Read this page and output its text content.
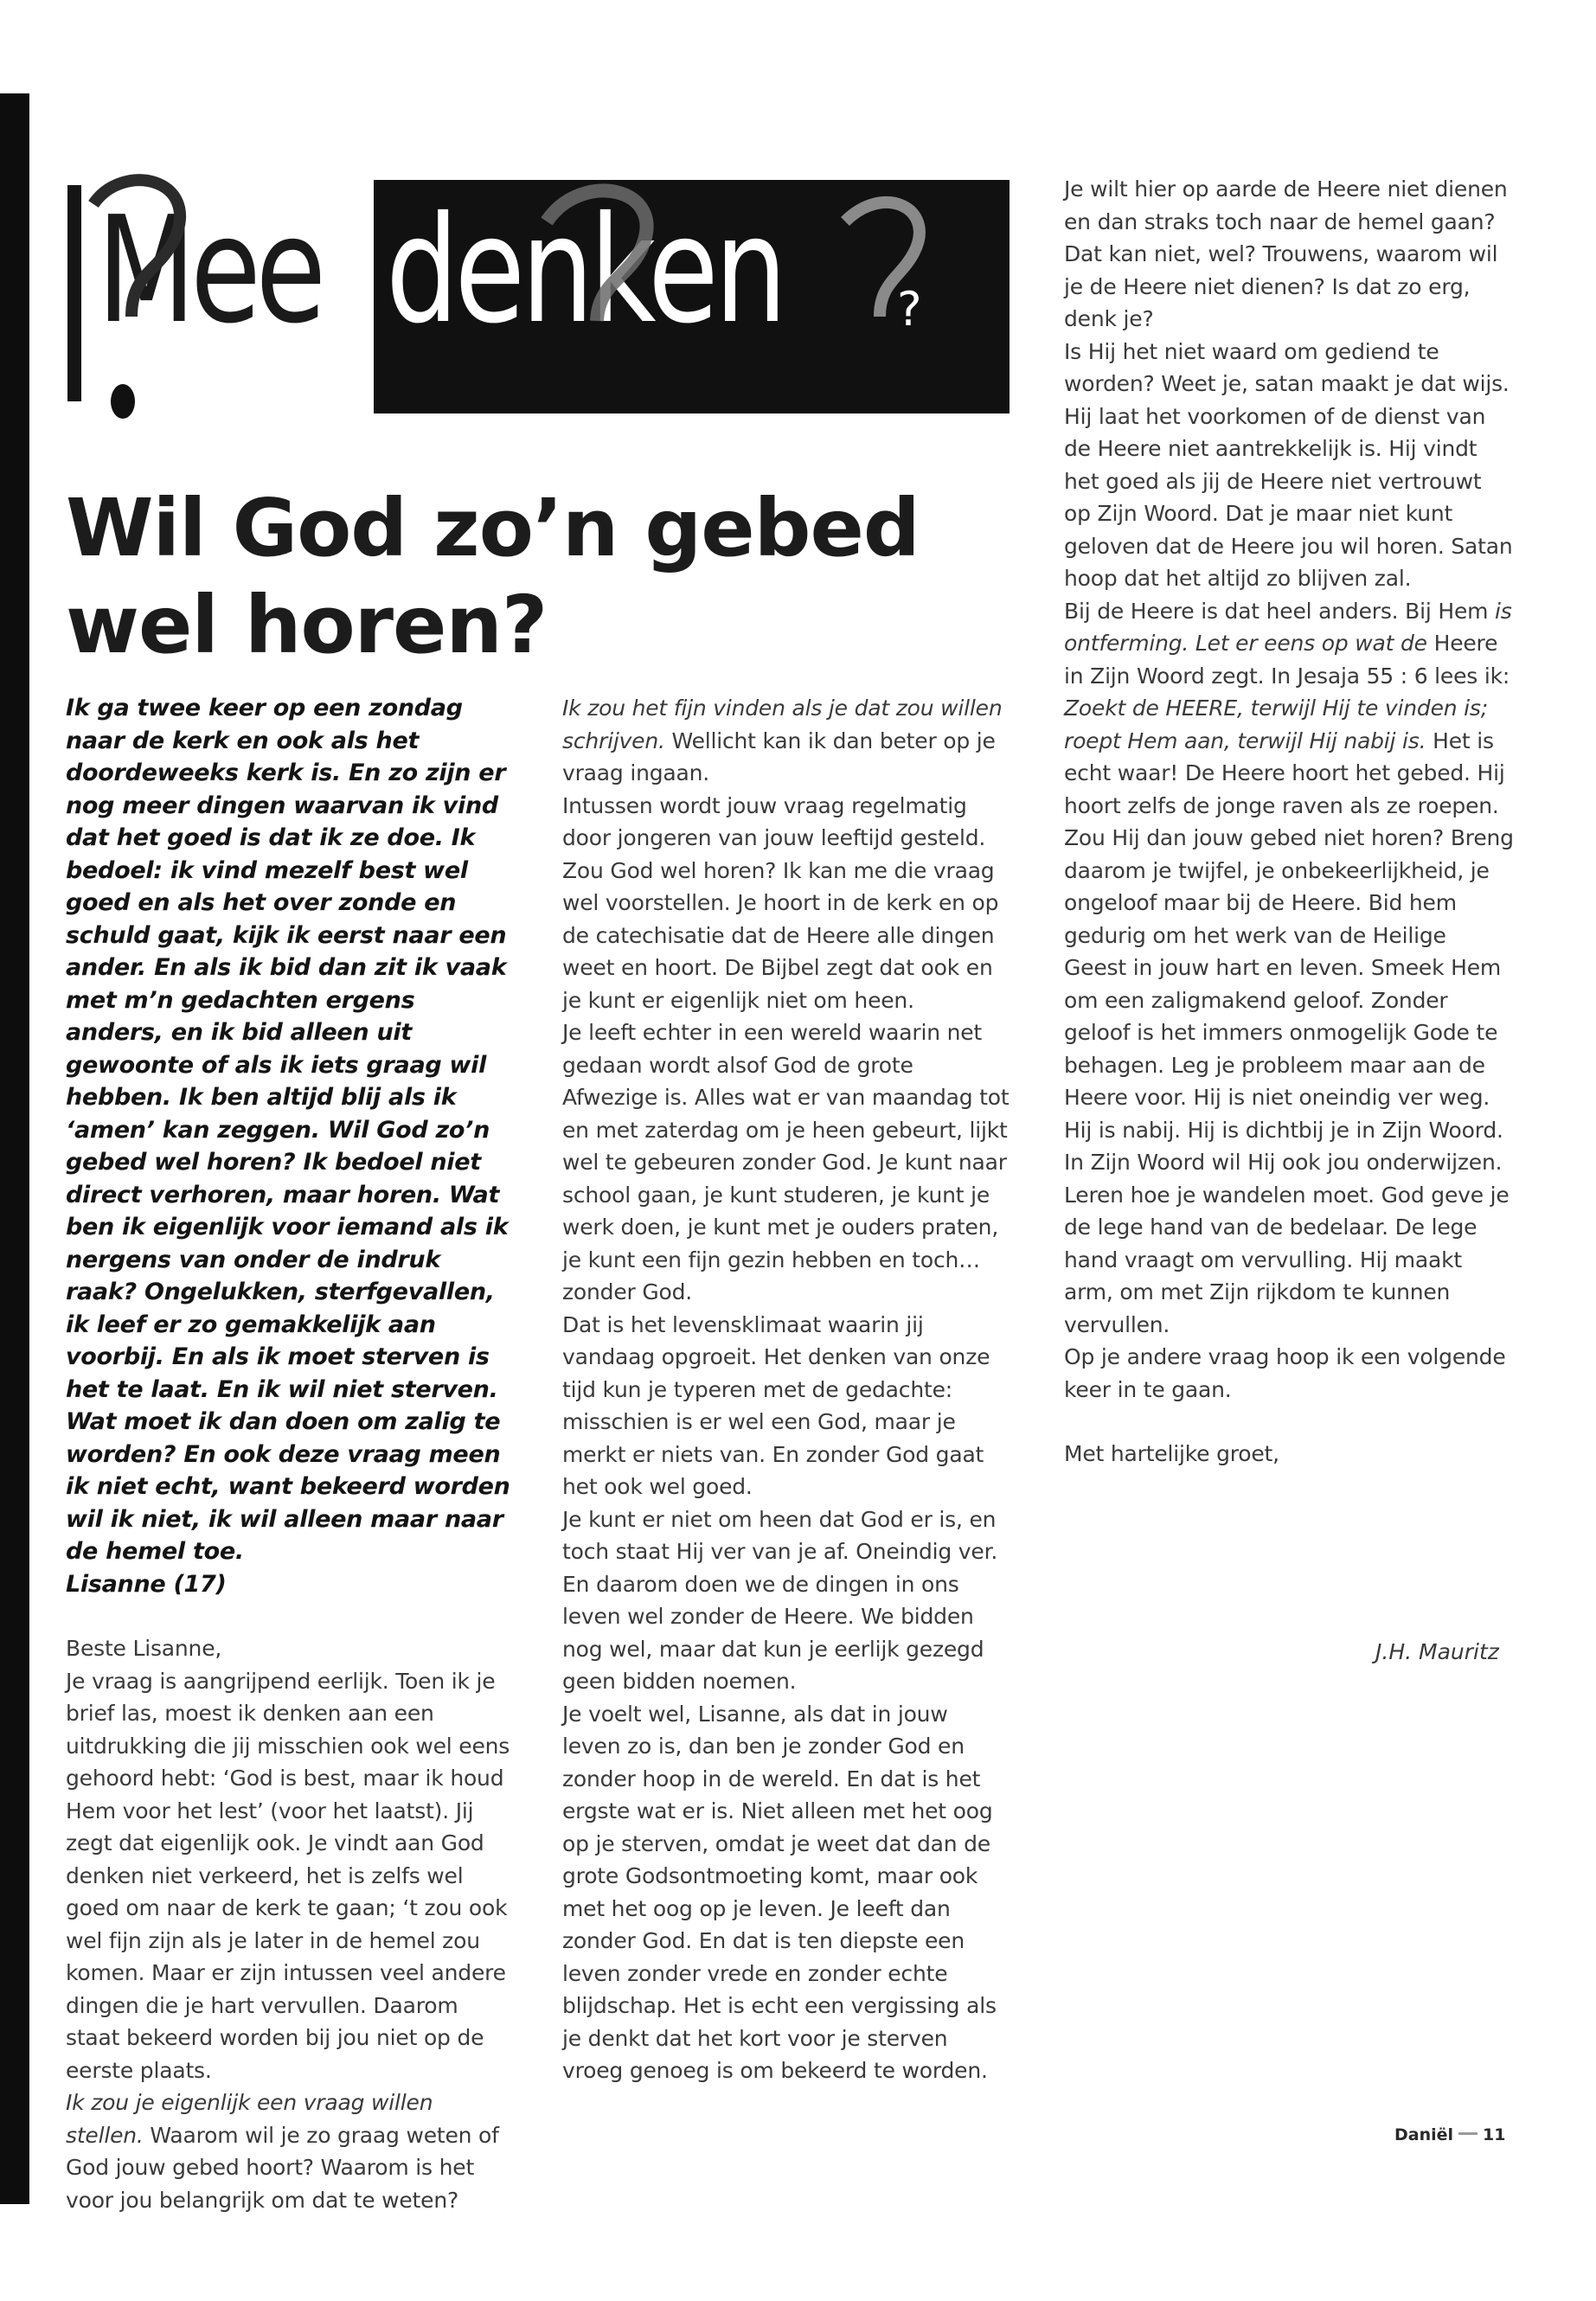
Mee denken ?
Wil God zo’n gebed wel horen?

Ik ga twee keer op een zondag naar de kerk en ook als het doordeweeks kerk is. En zo zijn er nog meer dingen waarvan ik vind dat het goed is dat ik ze doe. Ik bedoel: ik vind mezelf best wel goed en als het over zonde en schuld gaat, kijk ik eerst naar een ander. En als ik bid dan zit ik vaak met m’n gedachten ergens anders, en ik bid alleen uit gewoonte of als ik iets graag wil hebben. Ik ben altijd blij als ik ‘amen’ kan zeggen. Wil God zo’n gebed wel horen? Ik bedoel niet direct verhoren, maar horen. Wat ben ik eigenlijk voor iemand als ik nergens van onder de indruk raak? Ongelukken, sterfgevallen, ik leef er zo gemakkelijk aan voorbij. En als ik moet sterven is het te laat. En ik wil niet sterven. Wat moet ik dan doen om zalig te worden? En ook deze vraag meen ik niet echt, want bekeerd worden wil ik niet, ik wil alleen maar naar de hemel toe.
Lisanne (17)

Beste Lisanne,

Je vraag is aangrijpend eerlijk. Toen ik je brief las, moest ik denken aan een uitdrukking die jij misschien ook wel eens gehoord hebt: ‘God is best, maar ik houd Hem voor het lest’ (voor het laatst). Jij zegt dat eigenlijk ook. Je vindt aan God denken niet verkeerd, het is zelfs wel goed om naar de kerk te gaan; ‘t zou ook wel fijn zijn als je later in de hemel zou komen. Maar er zijn intussen veel andere dingen die je hart vervullen. Daarom staat bekeerd worden bij jou niet op de eerste plaats.

Ik zou je eigenlijk een vraag willen stellen. Waarom wil je zo graag weten of God jouw gebed hoort? Waarom is het voor jou belangrijk om dat te weten?

Ik zou het fijn vinden als je dat zou willen schrijven. Wellicht kan ik dan beter op je vraag ingaan.

Intussen wordt jouw vraag regelmatig door jongeren van jouw leeftijd gesteld. Zou God wel horen? Ik kan me die vraag wel voorstellen. Je hoort in de kerk en op de catechisatie dat de Heere alle dingen weet en hoort. De Bijbel zegt dat ook en je kunt er eigenlijk niet om heen.

Je leeft echter in een wereld waarin net gedaan wordt alsof God de grote Afwezige is. Alles wat er van maandag tot en met zaterdag om je heen gebeurt, lijkt wel te gebeuren zonder God. Je kunt naar school gaan, je kunt studeren, je kunt je werk doen, je kunt met je ouders praten, je kunt een fijn gezin hebben en toch… zonder God.

Dat is het levensklimaat waarin jij vandaag opgroeit. Het denken van onze tijd kun je typeren met de gedachte: misschien is er wel een God, maar je merkt er niets van. En zonder God gaat het ook wel goed.

Je kunt er niet om heen dat God er is, en toch staat Hij ver van je af. Oneindig ver. En daarom doen we de dingen in ons leven wel zonder de Heere. We bidden nog wel, maar dat kun je eerlijk gezegd geen bidden noemen.

Je voelt wel, Lisanne, als dat in jouw leven zo is, dan ben je zonder God en zonder hoop in de wereld. En dat is het ergste wat er is. Niet alleen met het oog op je sterven, omdat je weet dat dan de grote Godsontmoeting komt, maar ook met het oog op je leven. Je leeft dan zonder God. En dat is ten diepste een leven zonder vrede en zonder echte blijdschap. Het is echt een vergissing als je denkt dat het kort voor je sterven vroeg genoeg is om bekeerd te worden.

Je wilt hier op aarde de Heere niet dienen en dan straks toch naar de hemel gaan? Dat kan niet, wel? Trouwens, waarom wil je de Heere niet dienen? Is dat zo erg, denk je?

Is Hij het niet waard om gediend te worden? Weet je, satan maakt je dat wijs. Hij laat het voorkomen of de dienst van de Heere niet aantrekkelijk is. Hij vindt het goed als jij de Heere niet vertrouwt op Zijn Woord. Dat je maar niet kunt geloven dat de Heere jou wil horen. Satan hoop dat het altijd zo blijven zal.

Bij de Heere is dat heel anders. Bij Hem is ontferming. Let er eens op wat de Heere in Zijn Woord zegt. In Jesaja 55 : 6 lees ik: Zoekt de HEERE, terwijl Hij te vinden is; roept Hem aan, terwijl Hij nabij is. Het is echt waar! De Heere hoort het gebed. Hij hoort zelfs de jonge raven als ze roepen. Zou Hij dan jouw gebed niet horen? Breng daarom je twijfel, je onbekeerlijkheid, je ongeloof maar bij de Heere. Bid hem gedurig om het werk van de Heilige Geest in jouw hart en leven. Smeek Hem om een zaligmakend geloof. Zonder geloof is het immers onmogelijk Gode te behagen. Leg je probleem maar aan de Heere voor. Hij is niet oneindig ver weg. Hij is nabij. Hij is dichtbij je in Zijn Woord. In Zijn Woord wil Hij ook jou onderwijzen. Leren hoe je wandelen moet. God geve je de lege hand van de bedelaar. De lege hand vraagt om vervulling. Hij maakt arm, om met Zijn rijkdom te kunnen vervullen.

Op je andere vraag hoop ik een volgende keer in te gaan.

Met hartelijke groet,

J.H. Mauritz
Daniël 11
